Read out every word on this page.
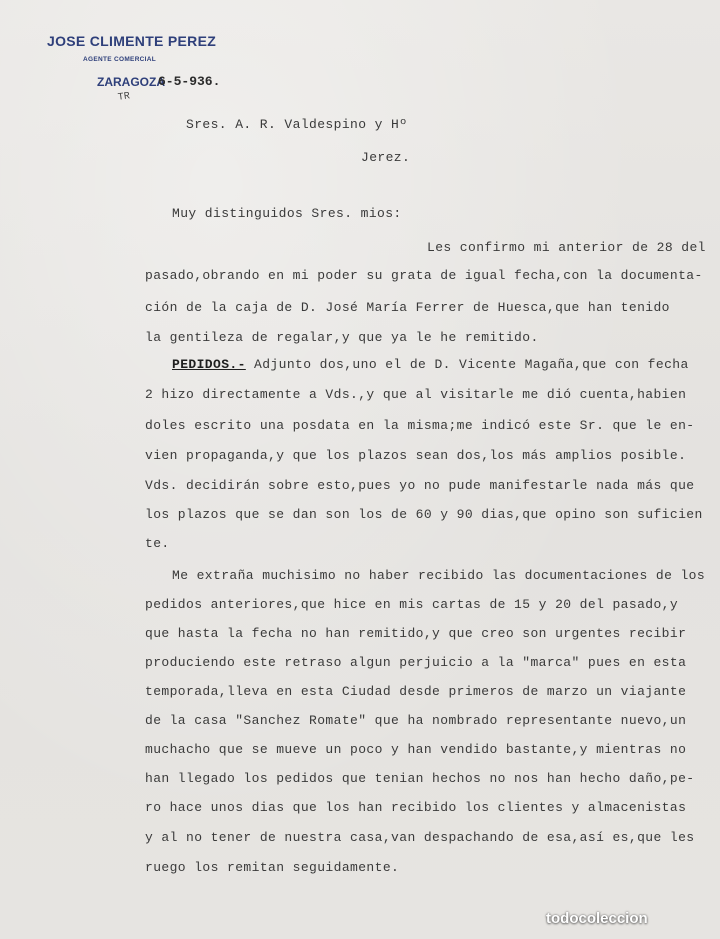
JOSE CLIMENTE PEREZ
AGENTE COMERCIAL
ZARAGOZA
6-5-936.
TR
Sres. A. R. Valdespino y Hº
Jerez.
Muy distinguidos Sres. mios:
Les confirmo mi anterior de 28 del
pasado,obrando en mi poder su grata de igual fecha,con la documenta-
ción de la caja de D. José María Ferrer de Huesca,que han tenido
la gentileza de regalar,y que ya le he remitido.
PEDIDOS.- Adjunto dos,uno el de D. Vicente Magaña,que con fecha
2 hizo directamente a Vds.,y que al visitarle me dió cuenta,habien
doles escrito una posdata en la misma;me indicó este Sr. que le en-
vien propaganda,y que los plazos sean dos,los más amplios posible.
Vds. decidirán sobre esto,pues yo no pude manifestarle nada más que
los plazos que se dan son los de 60 y 90 dias,que opino son suficien
te.
Me extraña muchisimo no haber recibido las documentaciones de los
pedidos anteriores,que hice en mis cartas de 15 y 20 del pasado,y
que hasta la fecha no han remitido,y que creo son urgentes recibir
produciendo este retraso algun perjuicio a la "marca" pues en esta
temporada,lleva en esta Ciudad desde primeros de marzo un viajante
de la casa "Sanchez Romate" que ha nombrado representante nuevo,un
muchacho que se mueve un poco y han vendido bastante,y mientras no
han llegado los pedidos que tenian hechos no nos han hecho daño,pe-
ro hace unos dias que los han recibido los clientes y almacenistas
y al no tener de nuestra casa,van despachando de esa,así es,que les
ruego los remitan seguidamente.
todocoleccion
